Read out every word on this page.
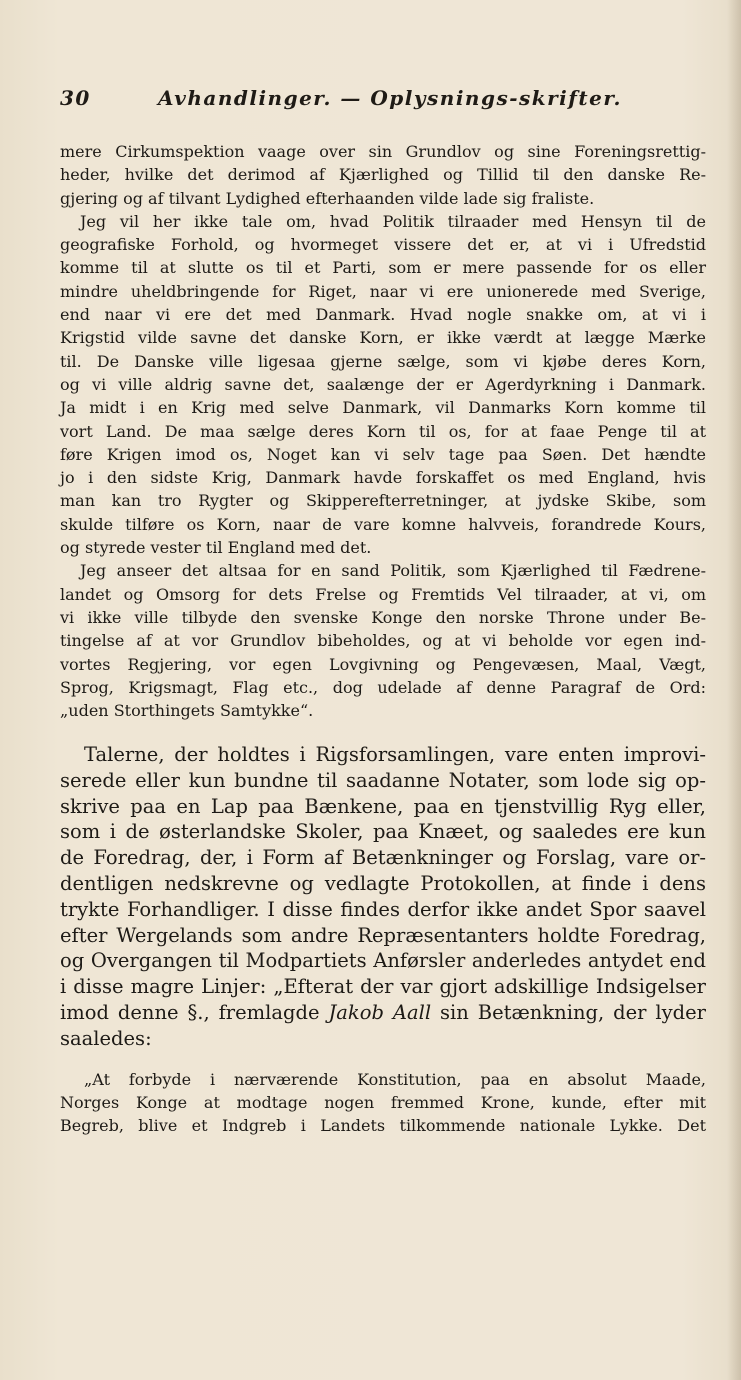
30	Avhandlinger. — Oplysnings-skrifter.
mere Cirkumspektion vaage over sin Grundlov og sine Foreningsrettig-
heder, hvilke det derimod af Kjærlighed og Tillid til den danske Re-
gjering og af tilvant Lydighed efterhaanden vilde lade sig fraliste.
Jeg vil her ikke tale om, hvad Politik tilraader med Hensyn til de
geografiske Forhold, og hvormeget vissere det er, at vi i Ufredstid
komme til at slutte os til et Parti, som er mere passende for os eller
mindre uheldbringende for Riget, naar vi ere unionerede med Sverige,
end naar vi ere det med Danmark. Hvad nogle snakke om, at vi i
Krigstid vilde savne det danske Korn, er ikke værdt at lægge Mærke
til. De Danske ville ligesaa gjerne sælge, som vi kjøbe deres Korn,
og vi ville aldrig savne det, saalænge der er Agerdyrkning i Danmark.
Ja midt i en Krig med selve Danmark, vil Danmarks Korn komme til
vort Land. De maa sælge deres Korn til os, for at faae Penge til at
føre Krigen imod os, Noget kan vi selv tage paa Søen. Det hændte
jo i den sidste Krig, Danmark havde forskaffet os med England, hvis
man kan tro Rygter og Skipperefterretninger, at jydske Skibe, som
skulde tilføre os Korn, naar de vare komne halvveis, forandrede Kours,
og styrede vester til England med det.
Jeg anseer det altsaa for en sand Politik, som Kjærlighed til Fædrene-
landet og Omsorg for dets Frelse og Fremtids Vel tilraader, at vi, om
vi ikke ville tilbyde den svenske Konge den norske Throne under Be-
tingelse af at vor Grundlov bibeholdes, og at vi beholde vor egen ind-
vortes Regjering, vor egen Lovgivning og Pengevæsen, Maal, Vægt,
Sprog, Krigsmagt, Flag etc., dog udelade af denne Paragraf de Ord:
„uden Storthingets Samtykke“.
Talerne, der holdtes i Rigsforsamlingen, vare enten improvi-
serede eller kun bundne til saadanne Notater, som lode sig op-
skrive paa en Lap paa Bænkene, paa en tjenstvillig Ryg eller,
som i de østerlandske Skoler, paa Knæet, og saaledes ere kun
de Foredrag, der, i Form af Betænkninger og Forslag, vare or-
dentligen nedskrevne og vedlagte Protokollen, at finde i dens
trykte Forhandliger. I disse findes derfor ikke andet Spor saavel
efter Wergelands som andre Repræsentanters holdte Foredrag,
og Overgangen til Modpartiets Anførsler anderledes antydet end
i disse magre Linjer: „Efterat der var gjort adskillige Indsigelser
imod denne §., fremlagde Jakob Aall sin Betænkning, der lyder
saaledes:
„At forbyde i nærværende Konstitution, paa en absolut Maade,
Norges Konge at modtage nogen fremmed Krone, kunde, efter mit
Begreb, blive et Indgreb i Landets tilkommende nationale Lykke. Det
